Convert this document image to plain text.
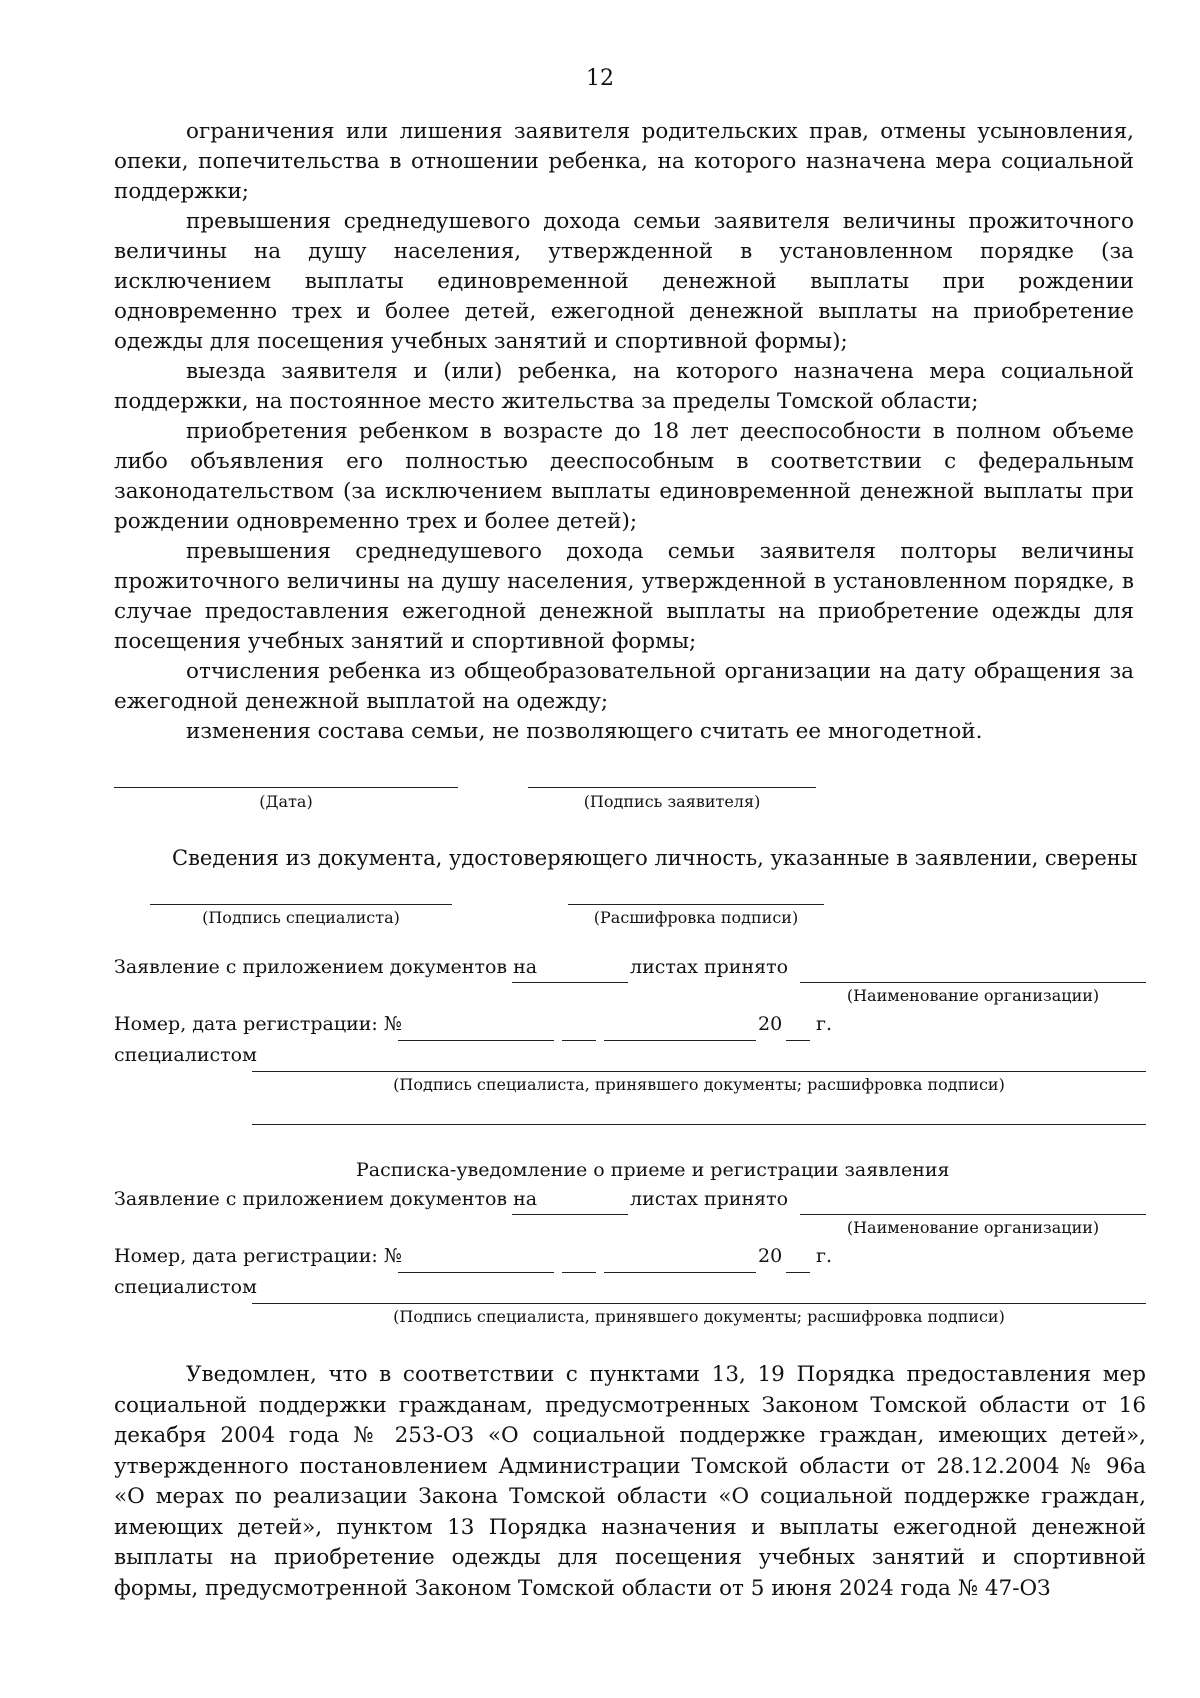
12

ограничения или лишения заявителя родительских прав, отмены усыновления, опеки, попечительства в отношении ребенка, на которого назначена мера социальной поддержки;

превышения среднедушевого дохода семьи заявителя величины прожиточного величины на душу населения, утвержденной в установленном порядке (за исключением выплаты единовременной денежной выплаты при рождении одновременно трех и более детей, ежегодной денежной выплаты на приобретение одежды для посещения учебных занятий и спортивной формы);

выезда заявителя и (или) ребенка, на которого назначена мера социальной поддержки, на постоянное место жительства за пределы Томской области;

приобретения ребенком в возрасте до 18 лет дееспособности в полном объеме либо объявления его полностью дееспособным в соответствии с федеральным законодательством (за исключением выплаты единовременной денежной выплаты при рождении одновременно трех и более детей);

превышения среднедушевого дохода семьи заявителя полторы величины прожиточного величины на душу населения, утвержденной в установленном порядке, в случае предоставления ежегодной денежной выплаты на приобретение одежды для посещения учебных занятий и спортивной формы;

отчисления ребенка из общеобразовательной организации на дату обращения за ежегодной денежной выплатой на одежду;

изменения состава семьи, не позволяющего считать ее многодетной.

(Дата)	(Подпись заявителя)
Сведения из документа, удостоверяющего личность, указанные в заявлении, сверены
(Подпись специалиста)	(Расшифровка подписи)
Заявление с приложением документов на	листах принято
(Наименование организации)
Номер, дата регистрации: №	20 г.
специалистом
(Подпись специалиста, принявшего документы; расшифровка подписи)
Расписка-уведомление о приеме и регистрации заявления
Заявление с приложением документов на	листах принято
(Наименование организации)
Номер, дата регистрации: №	20 г.
специалистом
(Подпись специалиста, принявшего документы; расшифровка подписи)

Уведомлен, что в соответствии с пунктами 13, 19 Порядка предоставления мер социальной поддержки гражданам, предусмотренных Законом Томской области от 16 декабря 2004 года № 253-ОЗ «О социальной поддержке граждан, имеющих детей», утвержденного постановлением Администрации Томской области от 28.12.2004 № 96а «О мерах по реализации Закона Томской области «О социальной поддержке граждан, имеющих детей», пунктом 13 Порядка назначения и выплаты ежегодной денежной выплаты на приобретение одежды для посещения учебных занятий и спортивной формы, предусмотренной Законом Томской области от 5 июня 2024 года № 47-ОЗ
